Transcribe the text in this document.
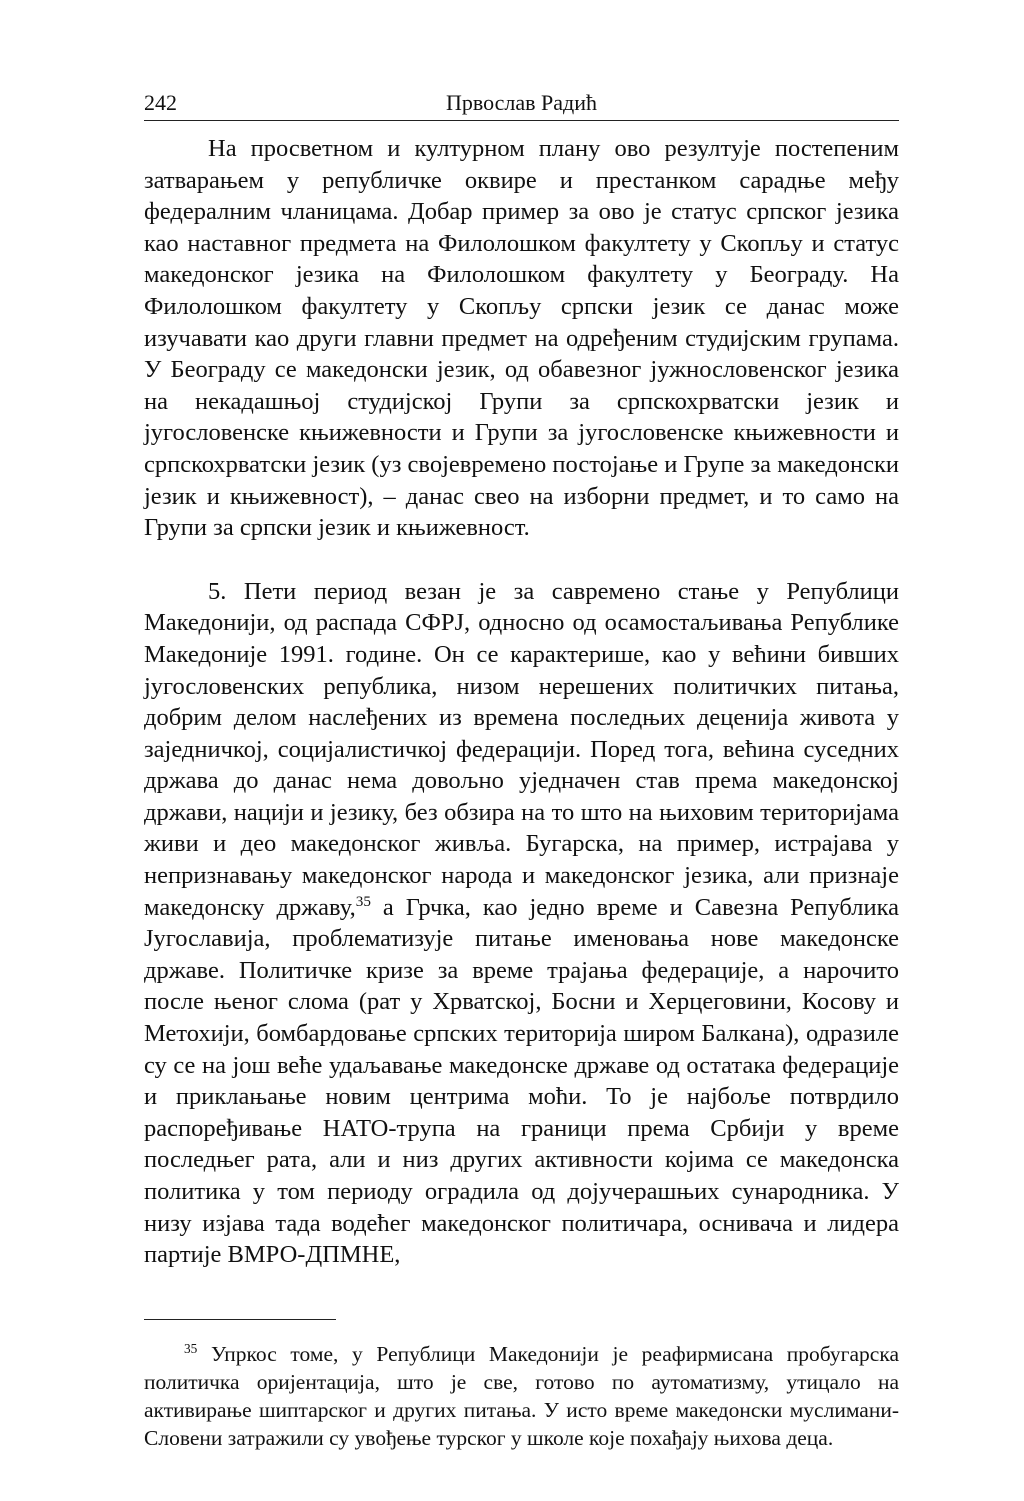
242	Првослав Радић

На просветном и културном плану ово резултује постепеним затварањем у републичке оквире и престанком сарадње међу федералним чланицама. Добар пример за ово је статус српског језика као наставног предмета на Филолошком факултету у Скопљу и статус македонског језика на Филолошком факултету у Београду. На Филолошком факултету у Скопљу српски језик се данас може изучавати као други главни предмет на одређеним студијским групама. У Београду се македонски језик, од обавезног јужнословенског језика на некадашњој студијској Групи за српскохрватски језик и југословенске књижевности и Групи за југословенске књижевности и српскохрватски језик (уз својевремено постојање и Групе за македонски језик и књижевност), – данас свео на изборни предмет, и то само на Групи за српски језик и књижевност.

5. Пети период везан је за савремено стање у Републици Македонији, од распада СФРЈ, односно од осамостаљивања Републике Македоније 1991. године. Он се карактерише, као у већини бивших југословенских република, низом нерешених политичких питања, добрим делом наслеђених из времена последњих деценија живота у заједничкој, социјалистичкој федерацији. Поред тога, већина суседних држава до данас нема довољно уједначен став према македонској држави, нацији и језику, без обзира на то што на њиховим територијама живи и део македонског живља. Бугарска, на пример, истрајава у непризнавању македонског народа и македонског језика, али признаје македонску државу,$^{35}$ а Грчка, као једно време и Савезна Република Југославија, проблематизује питање именовања нове македонске државе. Политичке кризе за време трајања федерације, а нарочито после њеног слома (рат у Хрватској, Босни и Херцеговини, Косову и Метохији, бомбардовање српских територија широм Балкана), одразиле су се на још веће удаљавање македонске државе од остатака федерације и приклањање новим центрима моћи. То је најбоље потврдило распоређивање НАТО-трупа на граници према Србији у време последњег рата, али и низ других активности којима се македонска политика у том периоду оградила од дојучерашњих сународника. У низу изјава тада водећег македонског политичара, оснивача и лидера партије ВМРО-ДПМНЕ,

$^{35}$ Упркос томе, у Републици Македонији је реафирмисана пробугарска политичка оријентација, што је све, готово по аутоматизму, утицало на активирање шиптарског и других питања. У исто време македонски муслимани-Словени затражили су увођење турског у школе које похађају њихова деца.
